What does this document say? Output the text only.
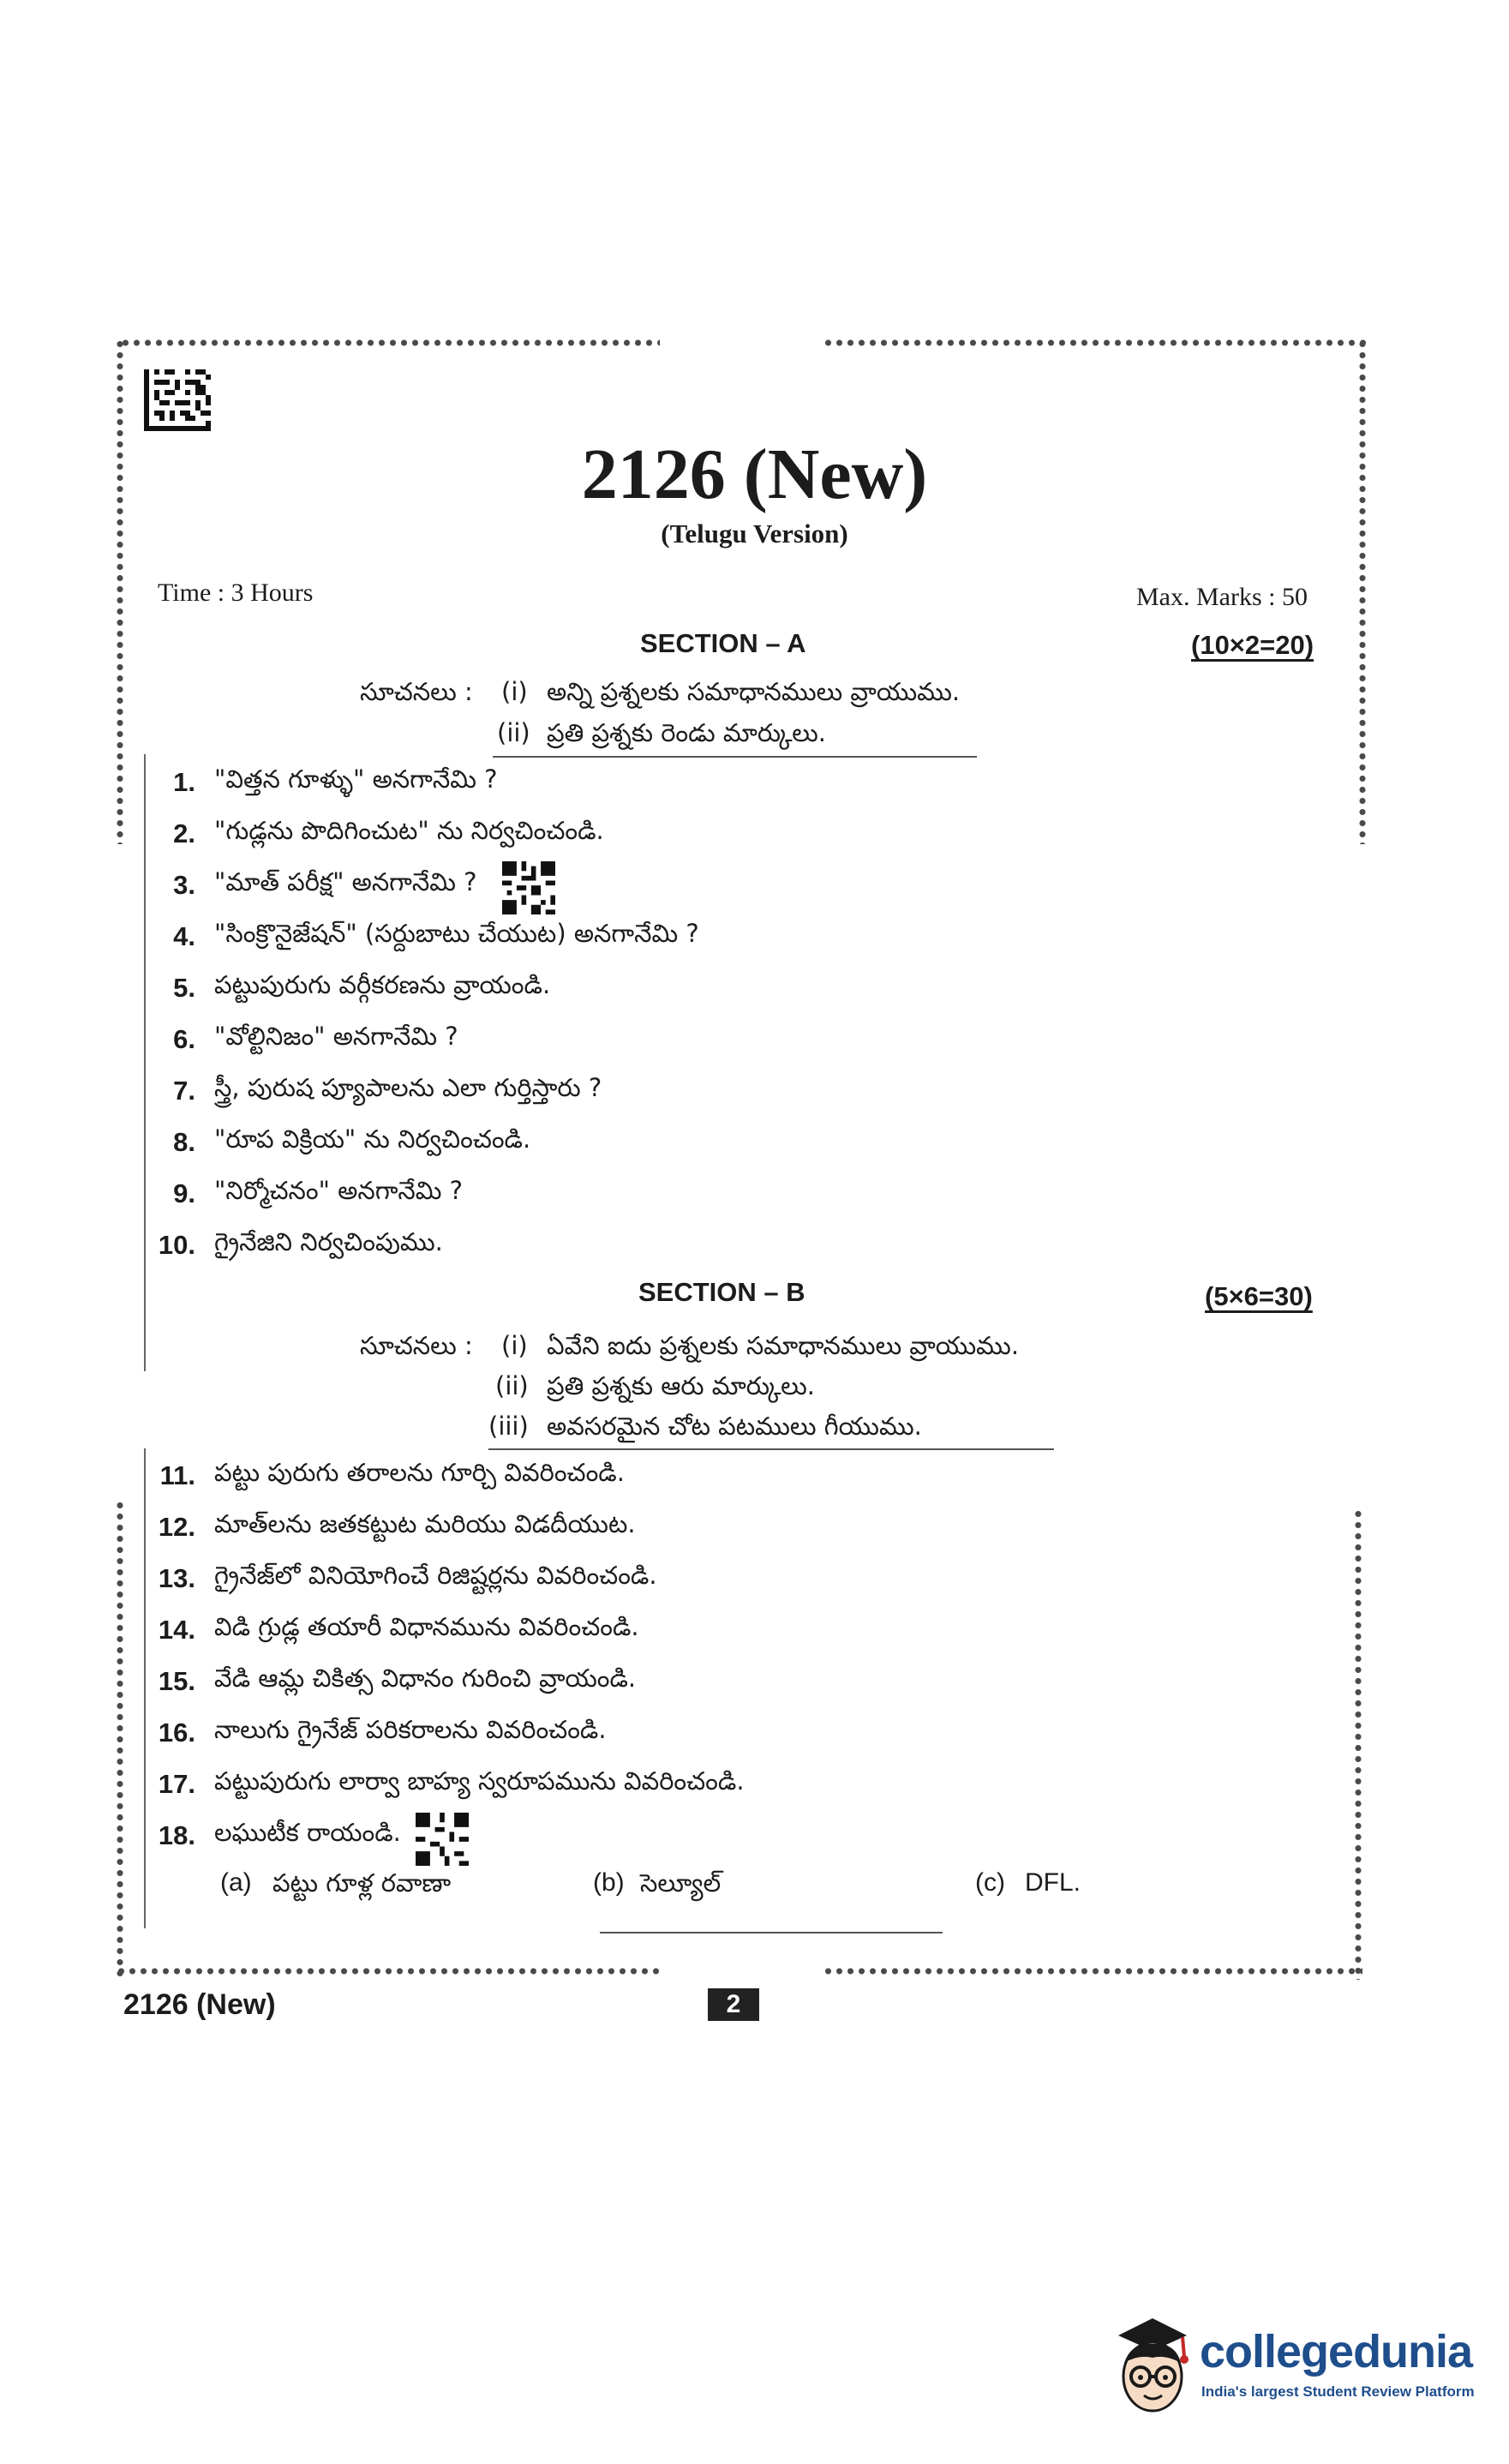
2126 (New)
(Telugu Version)
Time : 3 Hours	Max. Marks : 50
SECTION – A	(10×2=20)
సూచనలు : (i) అన్ని ప్రశ్నలకు సమాధానములు వ్రాయుము.
(ii) ప్రతి ప్రశ్నకు రెండు మార్కులు.
1. "విత్తన గూళ్ళు" అనగానేమి ?
2. "గుడ్లను పొదిగించుట" ను నిర్వచించండి.
3. "మాత్ పరీక్ష" అనగానేమి ?
4. "సింక్రొనైజేషన్" (సర్దుబాటు చేయుట) అనగానేమి ?
5. పట్టుపురుగు వర్గీకరణను వ్రాయండి.
6. "వోల్టినిజం" అనగానేమి ?
7. స్త్రీ, పురుష ప్యూపాలను ఎలా గుర్తిస్తారు ?
8. "రూప విక్రియ" ను నిర్వచించండి.
9. "నిర్మోచనం" అనగానేమి ?
10. గ్రైనేజిని నిర్వచింపుము.
SECTION – B	(5×6=30)
సూచనలు : (i) ఏవేని ఐదు ప్రశ్నలకు సమాధానములు వ్రాయుము.
(ii) ప్రతి ప్రశ్నకు ఆరు మార్కులు.
(iii) అవసరమైన చోట పటములు గీయుము.
11. పట్టు పురుగు తరాలను గూర్చి వివరించండి.
12. మాత్‌లను జతకట్టుట మరియు విడదీయుట.
13. గ్రైనేజ్‌లో వినియోగించే రిజిష్టర్లను వివరించండి.
14. విడి గ్రుడ్ల తయారీ విధానమును వివరించండి.
15. వేడి ఆమ్ల చికిత్స విధానం గురించి వ్రాయండి.
16. నాలుగు గ్రైనేజ్ పరికరాలను వివరించండి.
17. పట్టుపురుగు లార్వా బాహ్య స్వరూపమును వివరించండి.
18. లఘుటీక రాయండి.
(a) పట్టు గూళ్ల రవాణా	(b) సెల్యూల్	(c) DFL.
2126 (New)	2
collegedunia
India's largest Student Review Platform
